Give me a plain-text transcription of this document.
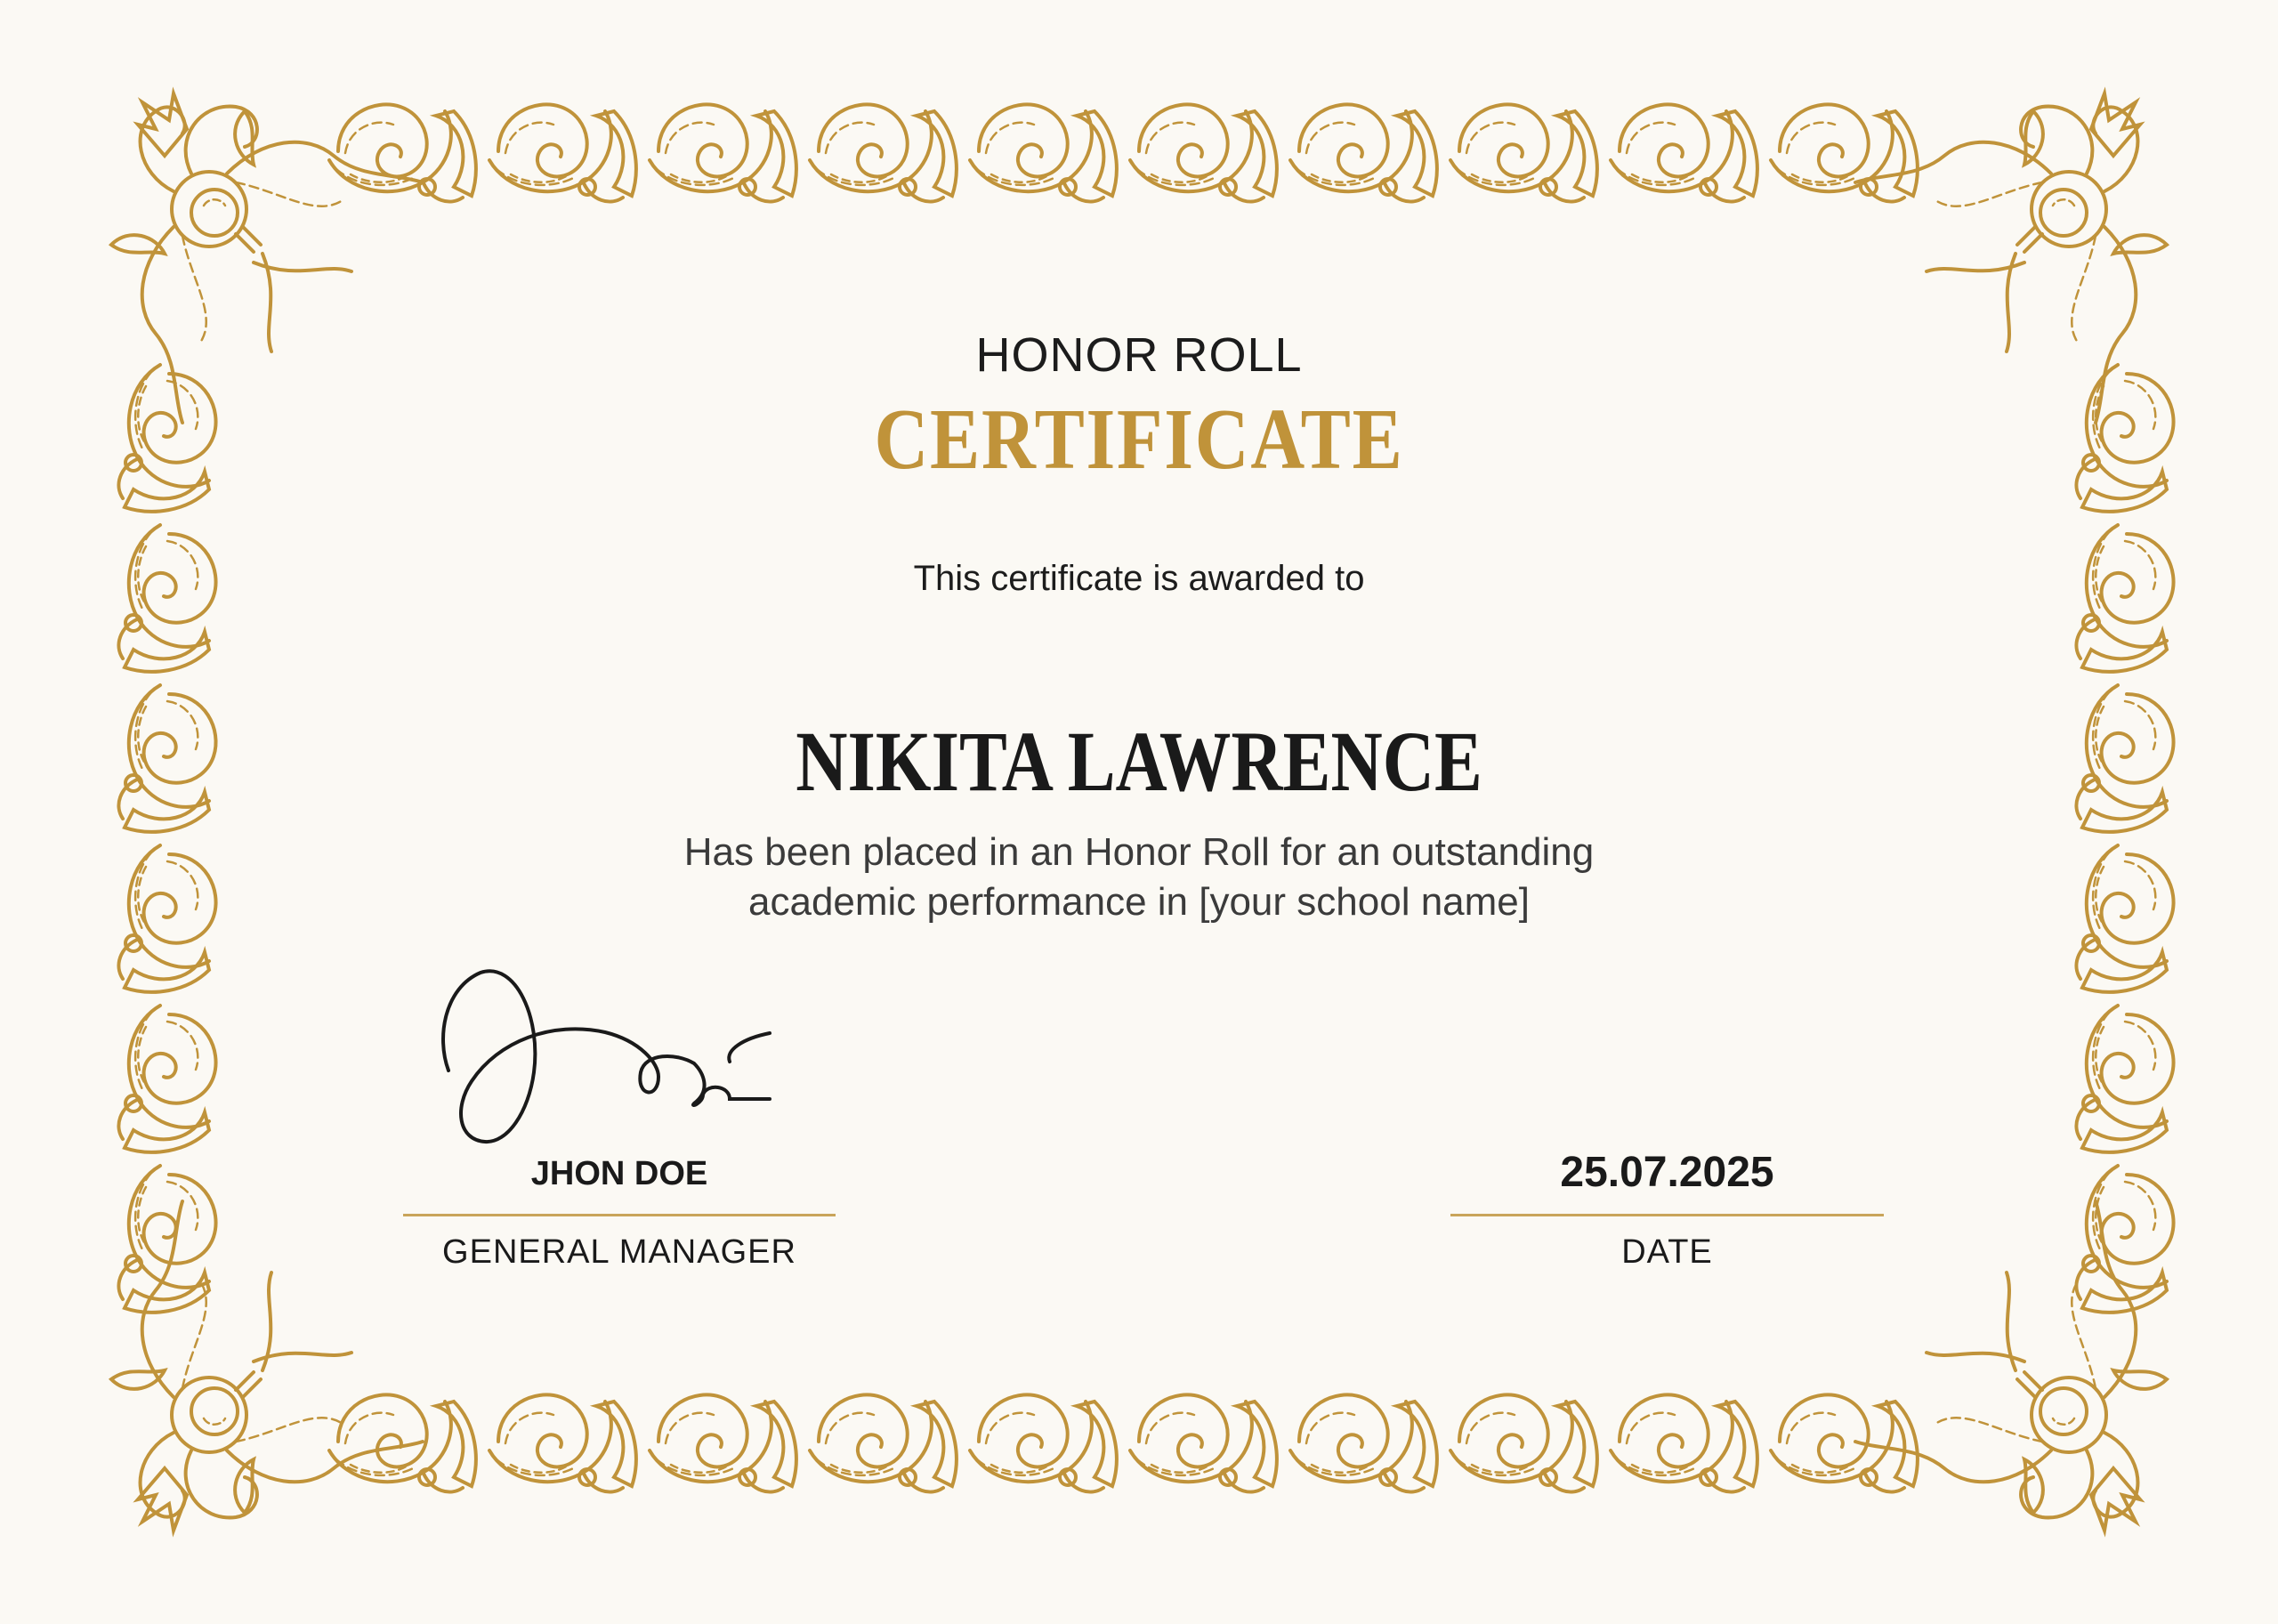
HONOR ROLL
CERTIFICATE
This certificate is awarded to
NIKITA LAWRENCE
Has been placed in an Honor Roll for an outstanding
academic performance in [your school name]
JHON DOE
GENERAL MANAGER
25.07.2025
DATE
